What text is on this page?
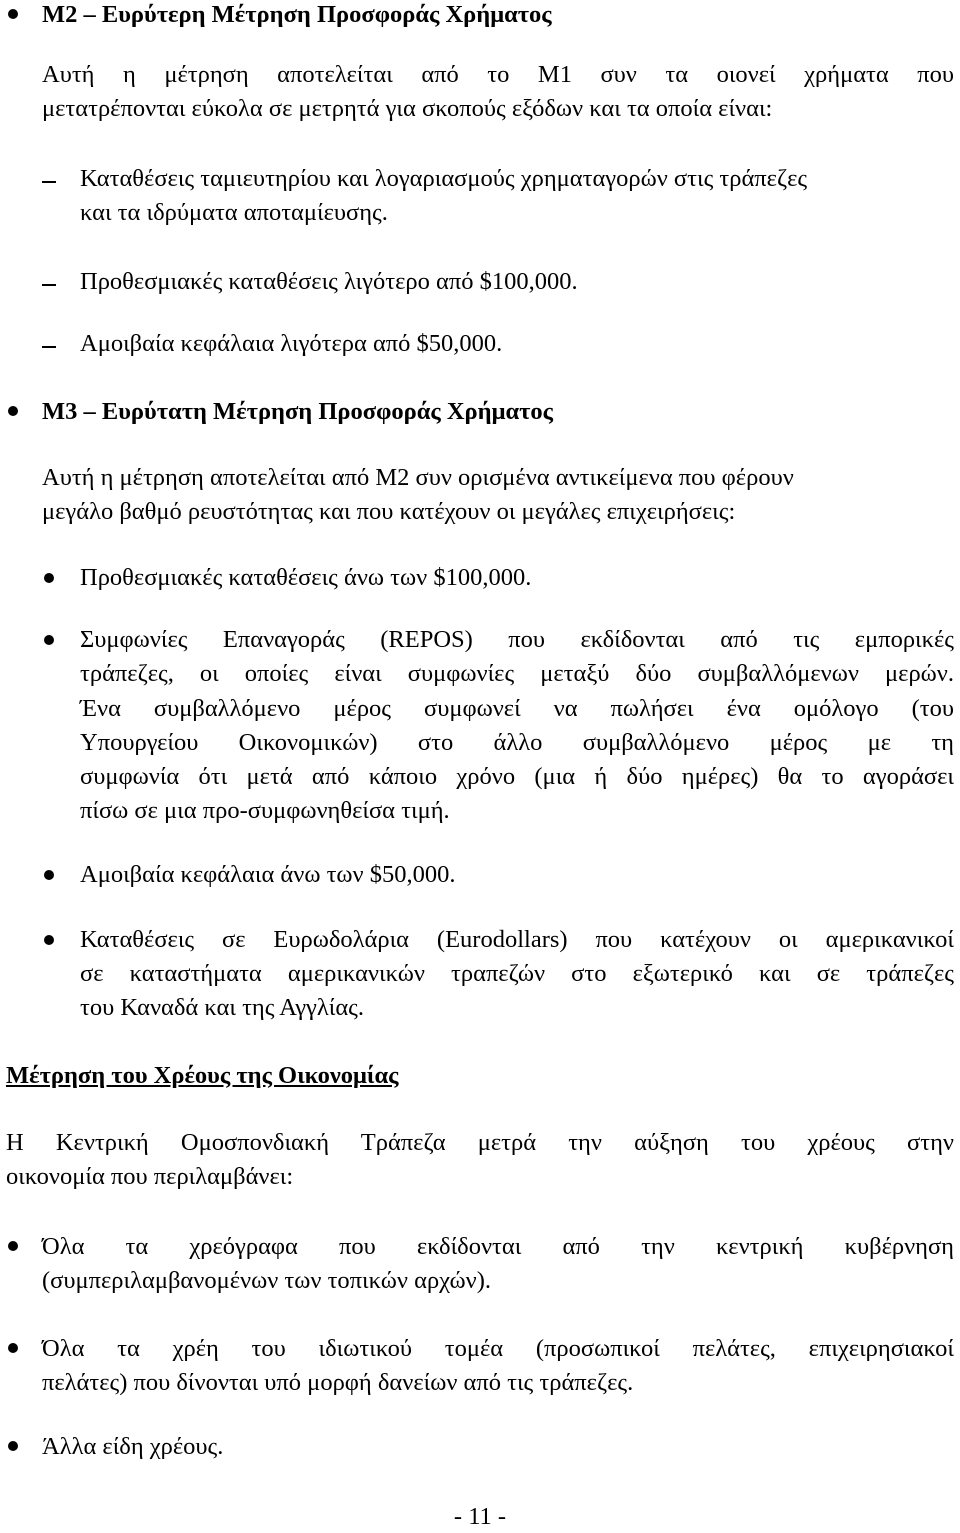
M2 – Ευρύτερη Μέτρηση Προσφοράς Χρήματος
Αυτή η μέτρηση αποτελείται από το Μ1 συν τα οιονεί χρήματα που
μετατρέπονται εύκολα σε μετρητά για σκοπούς εξόδων και τα οποία είναι:
Καταθέσεις ταμιευτηρίου και λογαριασμούς χρηματαγορών στις τράπεζες
και τα ιδρύματα αποταμίευσης.
Προθεσμιακές καταθέσεις λιγότερο από $100,000.
Αμοιβαία κεφάλαια λιγότερα από $50,000.
M3 – Ευρύτατη Μέτρηση Προσφοράς Χρήματος
Αυτή η μέτρηση αποτελείται από Μ2 συν ορισμένα αντικείμενα που φέρουν
μεγάλο βαθμό ρευστότητας και που κατέχουν οι μεγάλες επιχειρήσεις:
Προθεσμιακές καταθέσεις άνω των $100,000.
Συμφωνίες Επαναγοράς (REPOS) που εκδίδονται από τις εμπορικές
τράπεζες, οι οποίες είναι συμφωνίες μεταξύ δύο συμβαλλόμενων μερών.
Ένα συμβαλλόμενο μέρος συμφωνεί να πωλήσει ένα ομόλογο (του
Υπουργείου Οικονομικών) στο άλλο συμβαλλόμενο μέρος με τη
συμφωνία ότι μετά από κάποιο χρόνο (μια ή δύο ημέρες) θα το αγοράσει
πίσω σε μια προ-συμφωνηθείσα τιμή.
Αμοιβαία κεφάλαια άνω των $50,000.
Καταθέσεις σε Ευρωδολάρια (Eurodollars) που κατέχουν οι αμερικανικοί
σε καταστήματα αμερικανικών τραπεζών στο εξωτερικό και σε τράπεζες
του Καναδά και της Αγγλίας.
Μέτρηση του Χρέους της Οικονομίας
Η Κεντρική Ομοσπονδιακή Τράπεζα μετρά την αύξηση του χρέους στην
οικονομία που περιλαμβάνει:
Όλα τα χρεόγραφα που εκδίδονται από την κεντρική κυβέρνηση
(συμπεριλαμβανομένων των τοπικών αρχών).
Όλα τα χρέη του ιδιωτικού τομέα (προσωπικοί πελάτες, επιχειρησιακοί
πελάτες) που δίνονται υπό μορφή δανείων από τις τράπεζες.
Άλλα είδη χρέους.
- 11 -
